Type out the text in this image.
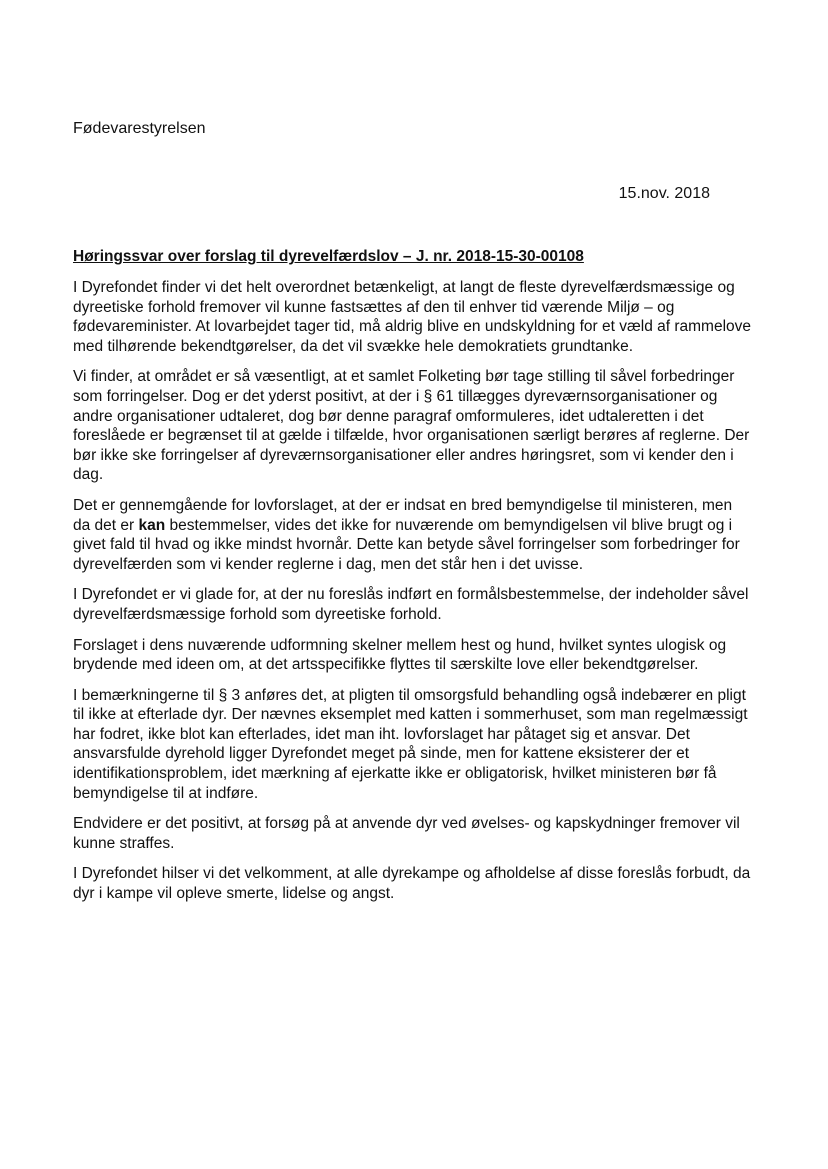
Fødevarestyrelsen
15.nov. 2018
Høringssvar over forslag til dyrevelfærdslov – J. nr. 2018-15-30-00108

I Dyrefondet finder vi det helt overordnet betænkeligt, at langt de fleste dyrevelfærdsmæssige og dyreetiske forhold fremover vil kunne fastsættes af den til enhver tid værende Miljø – og fødevareminister. At lovarbejdet tager tid, må aldrig blive en undskyldning for et væld af rammelove med tilhørende bekendtgørelser, da det vil svække hele demokratiets grundtanke.

Vi finder, at området er så væsentligt, at et samlet Folketing bør tage stilling til såvel forbedringer som forringelser. Dog er det yderst positivt, at der i § 61 tillægges dyreværnsorganisationer og andre organisationer udtaleret, dog bør denne paragraf omformuleres, idet udtaleretten i det foreslåede er begrænset til at gælde i tilfælde, hvor organisationen særligt berøres af reglerne. Der bør ikke ske forringelser af dyreværnsorganisationer eller andres høringsret, som vi kender den i dag.

Det er gennemgående for lovforslaget, at der er indsat en bred bemyndigelse til ministeren, men da det er kan bestemmelser, vides det ikke for nuværende om bemyndigelsen vil blive brugt og i givet fald til hvad og ikke mindst hvornår. Dette kan betyde såvel forringelser som forbedringer for dyrevelfærden som vi kender reglerne i dag, men det står hen i det uvisse.

I Dyrefondet er vi glade for, at der nu foreslås indført en formålsbestemmelse, der indeholder såvel dyrevelfærdsmæssige forhold som dyreetiske forhold.

Forslaget i dens nuværende udformning skelner mellem hest og hund, hvilket syntes ulogisk og brydende med ideen om, at det artsspecifikke flyttes til særskilte love eller bekendtgørelser.

I bemærkningerne til § 3 anføres det, at pligten til omsorgsfuld behandling også indebærer en pligt til ikke at efterlade dyr. Der nævnes eksemplet med katten i sommerhuset, som man regelmæssigt har fodret, ikke blot kan efterlades, idet man iht. lovforslaget har påtaget sig et ansvar. Det ansvarsfulde dyrehold ligger Dyrefondet meget på sinde, men for kattene eksisterer der et identifikationsproblem, idet mærkning af ejerkatte ikke er obligatorisk, hvilket ministeren bør få bemyndigelse til at indføre.

Endvidere er det positivt, at forsøg på at anvende dyr ved øvelses- og kapskydninger fremover vil kunne straffes.

I Dyrefondet hilser vi det velkomment, at alle dyrekampe og afholdelse af disse foreslås forbudt, da dyr i kampe vil opleve smerte, lidelse og angst.
